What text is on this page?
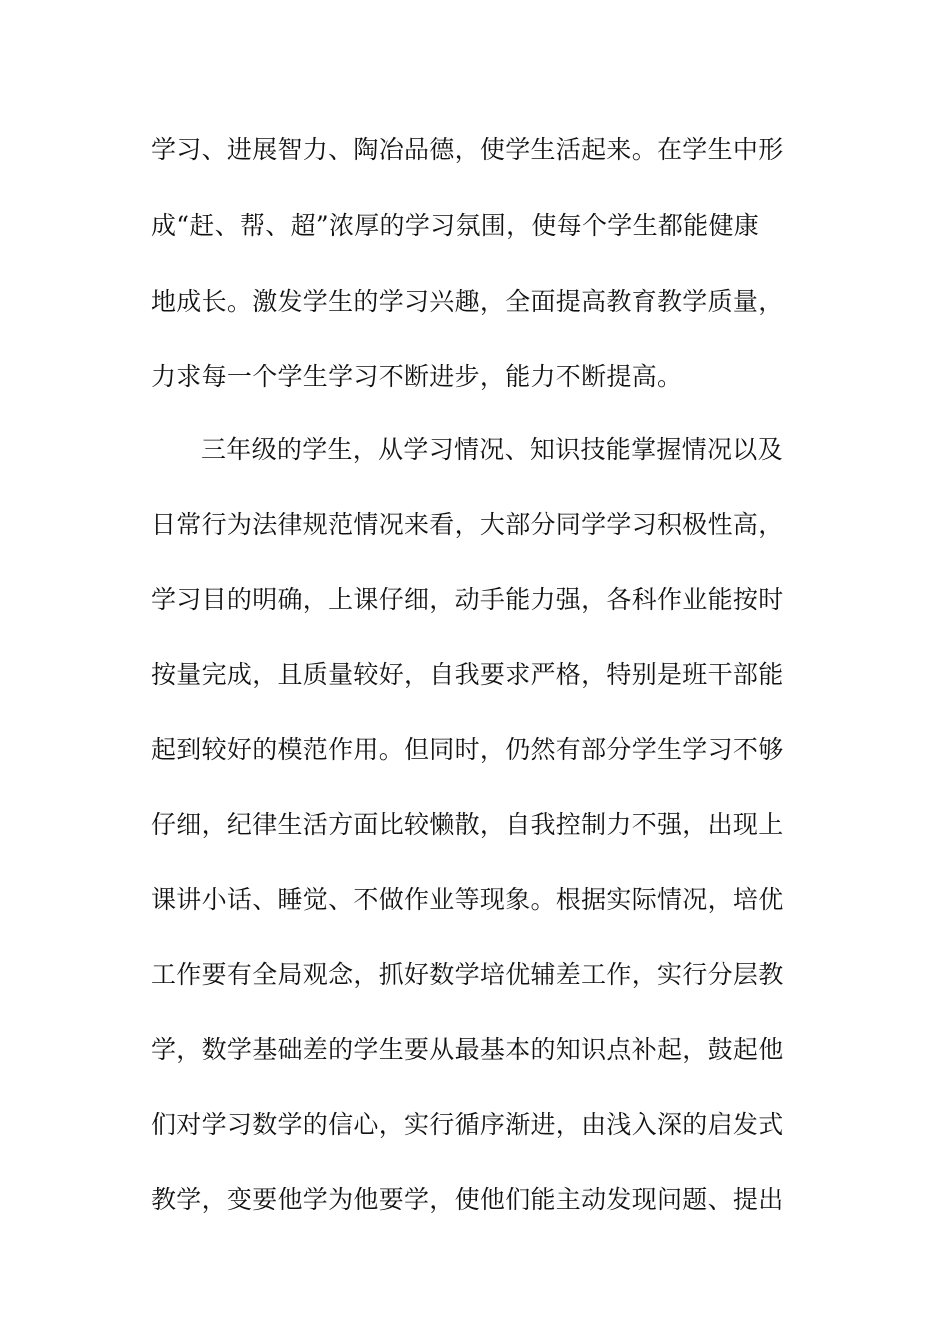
学习、进展智力、陶冶品德，使学生活起来。在学生中形
成“赶、帮、超”浓厚的学习氛围，使每个学生都能健康
地成长。激发学生的学习兴趣，全面提高教育教学质量，
力求每一个学生学习不断进步，能力不断提高。
三年级的学生，从学习情况、知识技能掌握情况以及
日常行为法律规范情况来看，大部分同学学习积极性高，
学习目的明确，上课仔细，动手能力强，各科作业能按时
按量完成，且质量较好，自我要求严格，特别是班干部能
起到较好的模范作用。但同时，仍然有部分学生学习不够
仔细，纪律生活方面比较懒散，自我控制力不强，出现上
课讲小话、睡觉、不做作业等现象。根据实际情况，培优
工作要有全局观念，抓好数学培优辅差工作，实行分层教
学，数学基础差的学生要从最基本的知识点补起，鼓起他
们对学习数学的信心，实行循序渐进，由浅入深的启发式
教学，变要他学为他要学，使他们能主动发现问题、提出
